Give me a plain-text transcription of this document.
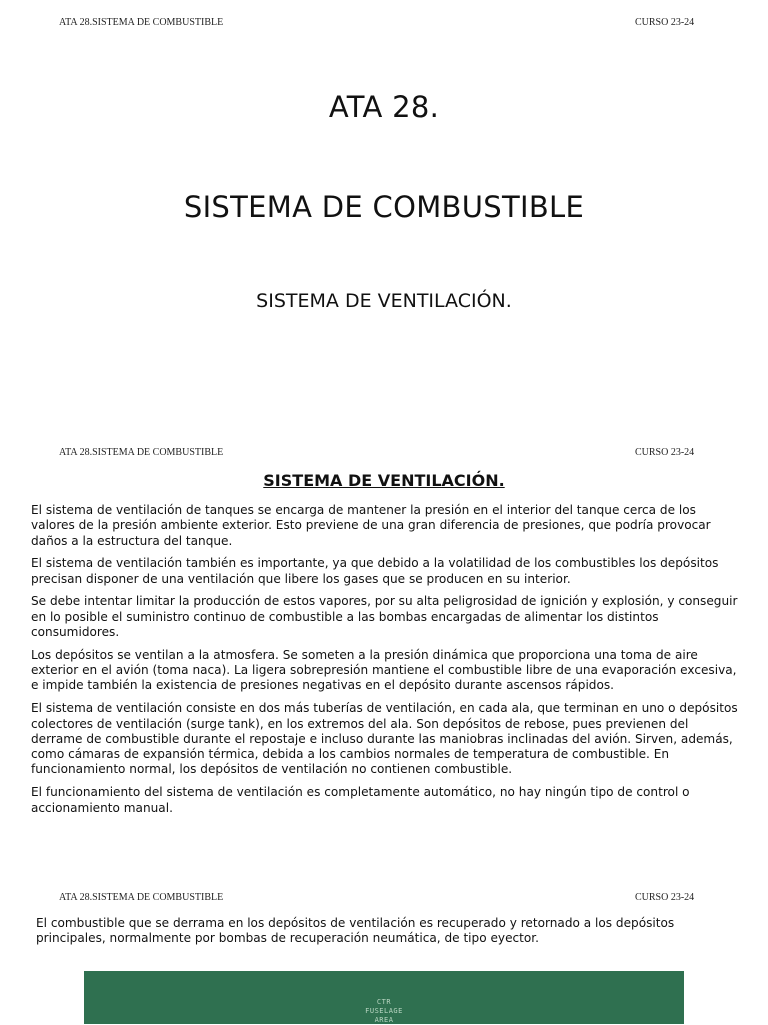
ATA 28.SISTEMA DE COMBUSTIBLE	CURSO 23-24
ATA 28.
SISTEMA DE COMBUSTIBLE
SISTEMA DE VENTILACIÓN.
ATA 28.SISTEMA DE COMBUSTIBLE	CURSO 23-24
SISTEMA DE VENTILACIÓN.

El sistema de ventilación de tanques se encarga de mantener la presión en el interior del tanque cerca de los valores de la presión ambiente exterior. Esto previene de una gran diferencia de presiones, que podría provocar daños a la estructura del tanque.

El sistema de ventilación también es importante, ya que debido a la volatilidad de los combustibles los depósitos precisan disponer de una ventilación que libere los gases que se producen en su interior.

Se debe intentar limitar la producción de estos vapores, por su alta peligrosidad de ignición y explosión, y conseguir en lo posible el suministro continuo de combustible a las bombas encargadas de alimentar los distintos consumidores.

Los depósitos se ventilan a la atmosfera. Se someten a la presión dinámica que proporciona una toma de aire exterior en el avión (toma naca). La ligera sobrepresión mantiene el combustible libre de una evaporación excesiva, e impide también la existencia de presiones negativas en el depósito durante ascensos rápidos.

El sistema de ventilación consiste en dos más tuberías de ventilación, en cada ala, que terminan en uno o depósitos colectores de ventilación (surge tank), en los extremos del ala. Son depósitos de rebose, pues previenen del derrame de combustible durante el repostaje e incluso durante las maniobras inclinadas del avión. Sirven, además, como cámaras de expansión térmica, debida a los cambios normales de temperatura de combustible. En funcionamiento normal, los depósitos de ventilación no contienen combustible.

El funcionamiento del sistema de ventilación es completamente automático, no hay ningún tipo de control o accionamiento manual.

ATA 28.SISTEMA DE COMBUSTIBLE	CURSO 23-24

El combustible que se derrama en los depósitos de ventilación es recuperado y retornado a los depósitos principales, normalmente por bombas de recuperación neumática, de tipo eyector.

CTR
FUSELAGE
AREA
